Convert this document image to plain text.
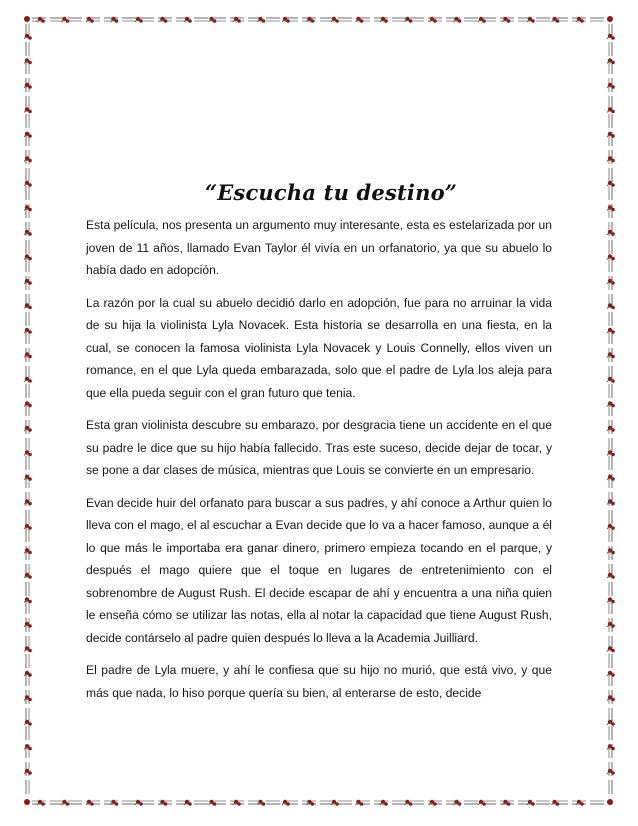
“Escucha tu destino”

Esta película, nos presenta un argumento muy interesante, esta es estelarizada por un joven de 11 años, llamado Evan Taylor él vivía en un orfanatorio, ya que su abuelo lo había dado en adopción.

La razón por la cual su abuelo decidió darlo en adopción, fue para no arruinar la vida de su hija la violinista Lyla Novacek. Esta historia se desarrolla en una fiesta, en la cual, se conocen la famosa violinista Lyla Novacek y Louis Connelly, ellos viven un romance, en el que Lyla queda embarazada, solo que el padre de Lyla los aleja para que ella pueda seguir con el gran futuro que tenia.

Esta gran violinista descubre su embarazo, por desgracia tiene un accidente en el que su padre le dice que su hijo había fallecido. Tras este suceso, decide dejar de tocar, y se pone a dar clases de música, mientras que Louis se convierte en un empresario.

Evan decide huir del orfanato para buscar a sus padres, y ahí conoce a Arthur quien lo lleva con el mago, el al escuchar a Evan decide que lo va a hacer famoso, aunque a él lo que más le importaba era ganar dinero, primero empieza tocando en el parque, y después el mago quiere que el toque en lugares de entretenimiento con el sobrenombre de August Rush. El decide escapar de ahí y encuentra a una niña quien le enseña cómo se utilizar las notas, ella al notar la capacidad que tiene August Rush, decide contárselo al padre quien después lo lleva a la Academia Juilliard.

El padre de Lyla muere, y ahí le confiesa que su hijo no murió, que está vivo, y que más que nada, lo hiso porque quería su bien, al enterarse de esto, decide
